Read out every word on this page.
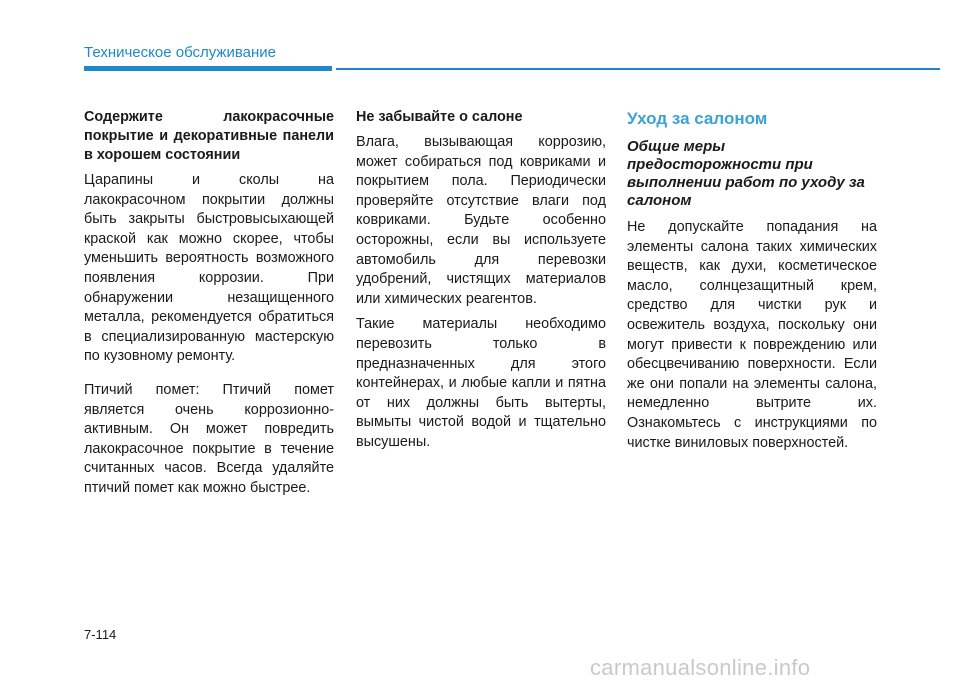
Техническое обслуживание
Содержите лакокрасочные покрытие и декоративные панели в хорошем состоянии

Царапины и сколы на лакокрасочном покрытии должны быть закрыты быстровысыхающей краской как можно скорее, чтобы уменьшить вероятность возможного появления коррозии. При обнаружении незащищенного металла, рекомендуется обратиться в специализированную мастерскую по кузовному ремонту.

Птичий помет: Птичий помет является очень коррозионно-активным. Он может повредить лакокрасочное покрытие в течение считанных часов. Всегда удаляйте птичий помет как можно быстрее.

Не забывайте о салоне

Влага, вызывающая коррозию, может собираться под ковриками и покрытием пола. Периодически проверяйте отсутствие влаги под ковриками. Будьте особенно осторожны, если вы используете автомобиль для перевозки удобрений, чистящих материалов или химических реагентов.

Такие материалы необходимо перевозить только в предназначенных для этого контейнерах, и любые капли и пятна от них должны быть вытерты, вымыты чистой водой и тщательно высушены.

Уход за салоном
Общие меры предосторожности при выполнении работ по уходу за салоном

Не допускайте попадания на элементы салона таких химических веществ, как духи, косметическое масло, солнцезащитный крем, средство для чистки рук и освежитель воздуха, поскольку они могут привести к повреждению или обесцвечиванию поверхности. Если же они попали на элементы салона, немедленно вытрите их. Ознакомьтесь с инструкциями по чистке виниловых поверхностей.

7-114
carmanualsonline.info
